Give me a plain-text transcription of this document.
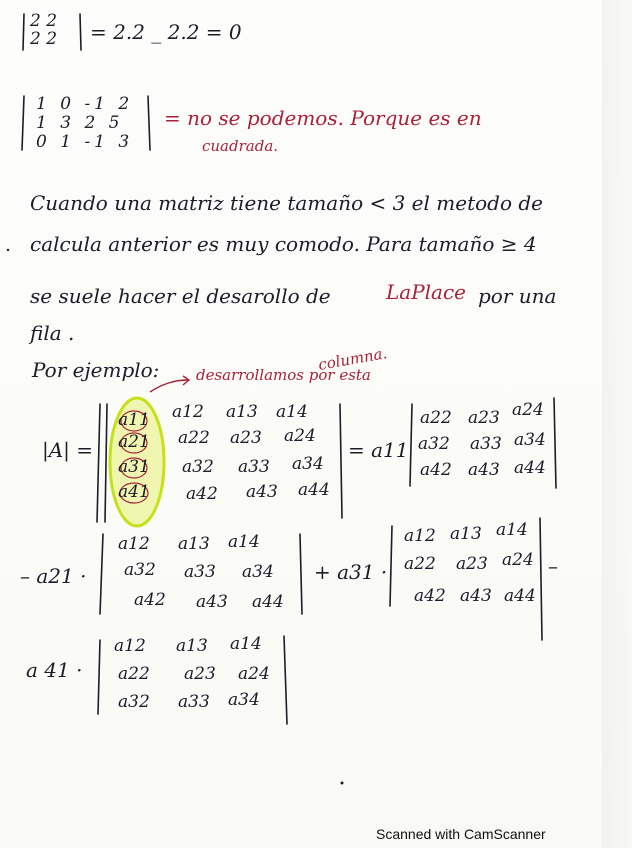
2 2
2 2 = 2.2 _ 2.2 = 0
1 0 -1 2
1 3 2 5
0 1 -1 3
= no se podemos. Porque es en
cuadrada.
Cuando una matriz tiene tamaño < 3 el metodo de
calcula anterior es muy comodo. Para tamaño ≥ 4
se suele hacer el desarollo de	LaPlace por una
fila .
Por ejemplo: desarrollamos por esta
columna.
|A| =
a11 a12 a13 a14
a21 a22 a23 a24
a31 a32 a33 a34
a41 a42 a43 a44
= a11
a22 a23 a24
a32 a33 a34
a42 a43 a44
– a21 ·
a12 a13 a14
a32 a33 a34
a42 a43 a44
+ a31 ·
a12 a13 a14
a22 a23 a24
a42 a43 a44
–
a 41 ·
a12 a13 a14
a22 a23 a24
a32 a33 a34
Scanned with CamScanner
